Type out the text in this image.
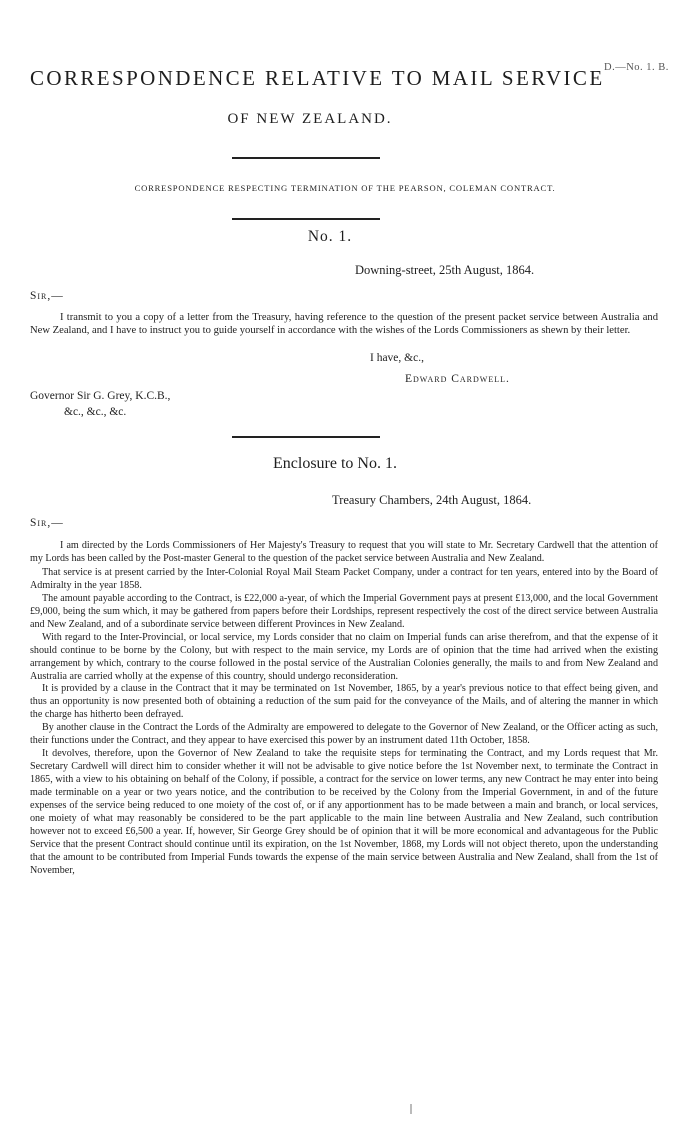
D.—No. 1. B.
CORRESPONDENCE RELATIVE TO MAIL SERVICE
OF NEW ZEALAND.
CORRESPONDENCE RESPECTING TERMINATION OF THE PEARSON, COLEMAN CONTRACT.
No. 1.
Downing-street, 25th August, 1864.
Sir,—

I transmit to you a copy of a letter from the Treasury, having reference to the question of the present packet service between Australia and New Zealand, and I have to instruct you to guide yourself in accordance with the wishes of the Lords Commissioners as shewn by their letter.

I have, &c.,
Edward Cardwell.
Governor Sir G. Grey, K.C.B.,
&c., &c., &c.
Enclosure to No. 1.
Treasury Chambers, 24th August, 1864.
Sir,—

I am directed by the Lords Commissioners of Her Majesty's Treasury to request that you will state to Mr. Secretary Cardwell that the attention of my Lords has been called by the Post-master General to the question of the packet service between Australia and New Zealand.

That service is at present carried by the Inter-Colonial Royal Mail Steam Packet Company, under a contract for ten years, entered into by the Board of Admiralty in the year 1858.

The amount payable according to the Contract, is £22,000 a-year, of which the Imperial Government pays at present £13,000, and the local Government £9,000, being the sum which, it may be gathered from papers before their Lordships, represent respectively the cost of the direct service between Australia and New Zealand, and of a subordinate service between different Provinces in New Zealand.

With regard to the Inter-Provincial, or local service, my Lords consider that no claim on Imperial funds can arise therefrom, and that the expense of it should continue to be borne by the Colony, but with respect to the main service, my Lords are of opinion that the time had arrived when the existing arrangement by which, contrary to the course followed in the postal service of the Australian Colonies generally, the mails to and from New Zealand and Australia are carried wholly at the expense of this country, should undergo reconsideration.

It is provided by a clause in the Contract that it may be terminated on 1st November, 1865, by a year's previous notice to that effect being given, and thus an opportunity is now presented both of obtaining a reduction of the sum paid for the conveyance of the Mails, and of altering the manner in which the charge has hitherto been defrayed.

By another clause in the Contract the Lords of the Admiralty are empowered to delegate to the Governor of New Zealand, or the Officer acting as such, their functions under the Contract, and they appear to have exercised this power by an instrument dated 11th October, 1858.

It devolves, therefore, upon the Governor of New Zealand to take the requisite steps for terminating the Contract, and my Lords request that Mr. Secretary Cardwell will direct him to consider whether it will not be advisable to give notice before the 1st November next, to terminate the Contract in 1865, with a view to his obtaining on behalf of the Colony, if possible, a contract for the service on lower terms, any new Contract he may enter into being made terminable on a year or two years notice, and the contribution to be received by the Colony from the Imperial Government, in and of the future expenses of the service being reduced to one moiety of the cost of, or if any apportionment has to be made between a main and branch, or local services, one moiety of what may reasonably be considered to be the part applicable to the main line between Australia and New Zealand, such contribution however not to exceed £6,500 a year. If, however, Sir George Grey should be of opinion that it will be more economical and advantageous for the Public Service that the present Contract should continue until its expiration, on the 1st November, 1868, my Lords will not object thereto, upon the understanding that the amount to be contributed from Imperial Funds towards the expense of the main service between Australia and New Zealand, shall from the 1st of November,
